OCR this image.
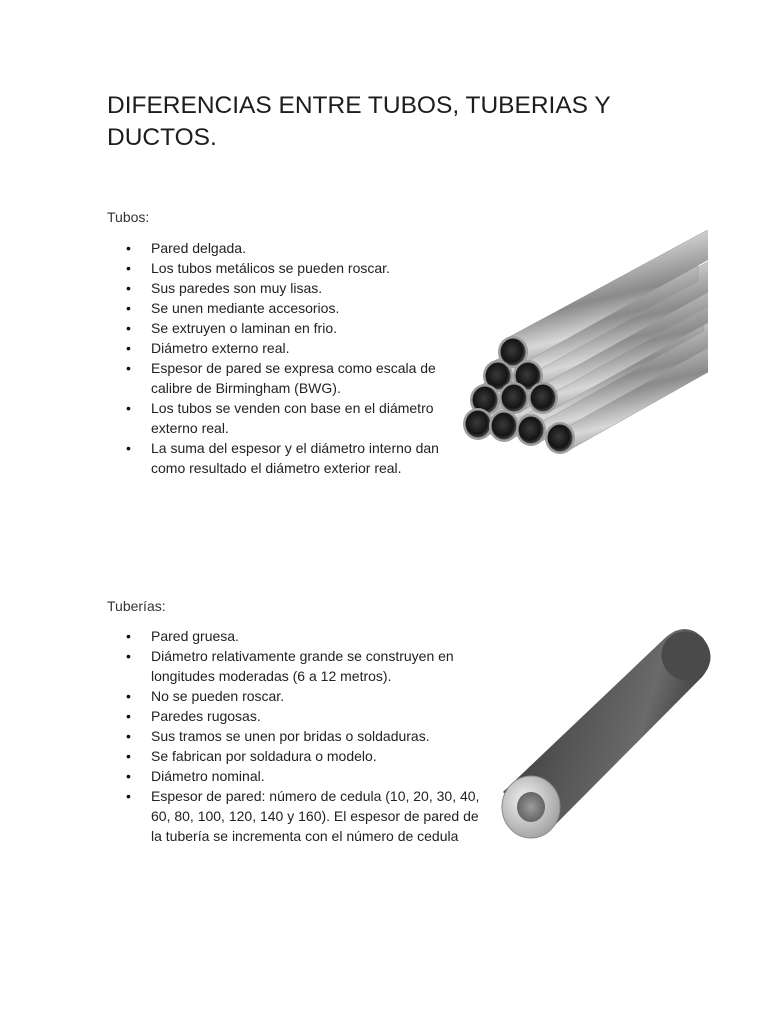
DIFERENCIAS ENTRE TUBOS, TUBERIAS Y DUCTOS.
Tubos:
• Pared delgada.
• Los tubos metálicos se pueden roscar.
• Sus paredes son muy lisas.
• Se unen mediante accesorios.
• Se extruyen o laminan en frio.
• Diámetro externo real.
• Espesor de pared se expresa como escala de calibre de Birmingham (BWG).
• Los tubos se venden con base en el diámetro externo real.
• La suma del espesor y el diámetro interno dan como resultado el diámetro exterior real.
Tuberías:
• Pared gruesa.
• Diámetro relativamente grande se construyen en longitudes moderadas (6 a 12 metros).
• No se pueden roscar.
• Paredes rugosas.
• Sus tramos se unen por bridas o soldaduras.
• Se fabrican por soldadura o modelo.
• Diámetro nominal.
• Espesor de pared: número de cedula (10, 20, 30, 40, 60, 80, 100, 120, 140 y 160). El espesor de pared de la tubería se incrementa con el número de cedula
